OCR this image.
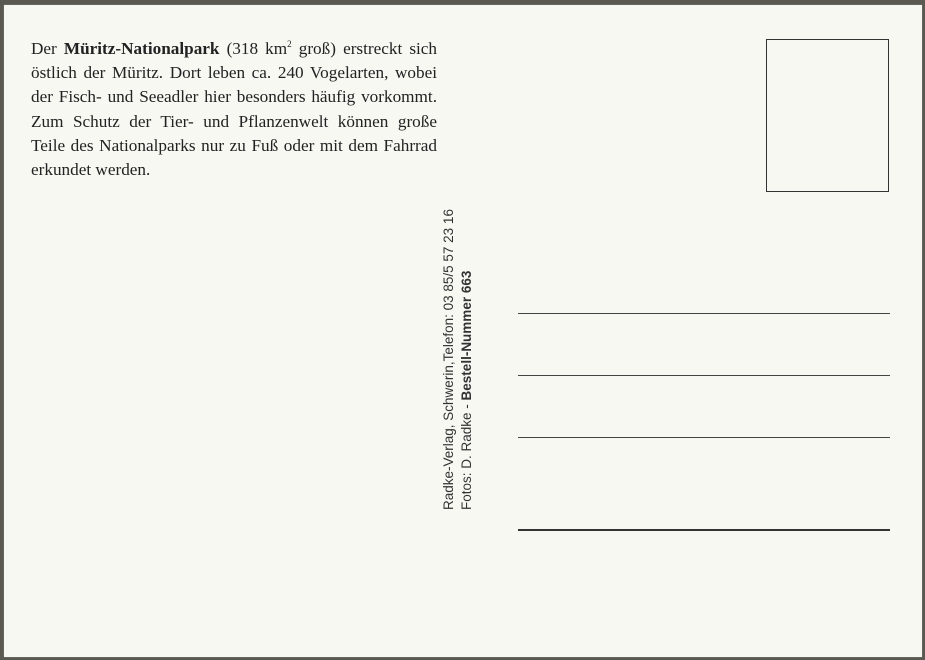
Der Müritz-Nationalpark (318 $km^2$ groß) erstreckt sich östlich der Müritz. Dort leben ca. 240 Vogelarten, wobei der Fisch- und Seeadler hier besonders häufig vorkommt. Zum Schutz der Tier- und Pflanzenwelt können große Teile des Nationalparks nur zu Fuß oder mit dem Fahrrad erkundet werden.

Radke-Verlag, Schwerin,Telefon: 03 85/5 57 23 16 Fotos: D. Radke - Bestell-Nummer 663
